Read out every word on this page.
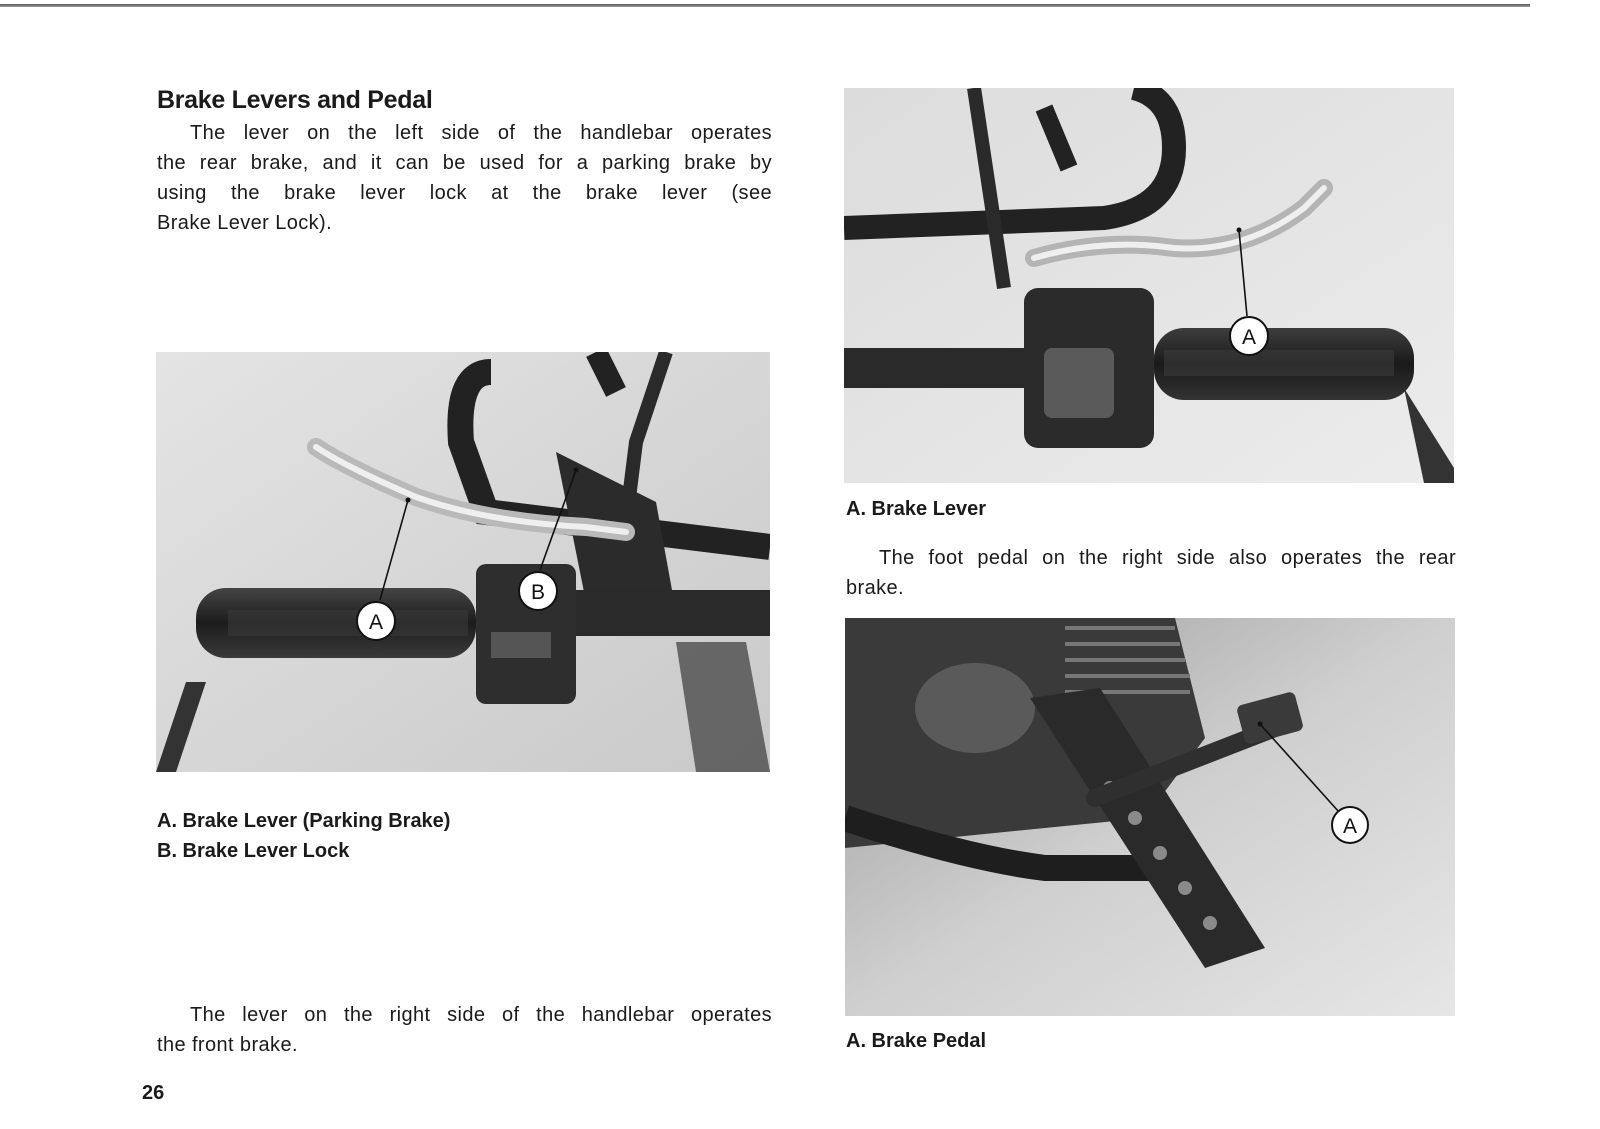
Brake Levers and Pedal

The lever on the left side of the handlebar operates
the rear brake, and it can be used for a parking brake by
using the brake lever lock at the brake lever (see
Brake Lever Lock).

A
B
A. Brake Lever (Parking Brake)
B. Brake Lever Lock

The lever on the right side of the handlebar operates
the front brake.

26
A
A. Brake Lever

The foot pedal on the right side also operates the rear
brake.

A
A. Brake Pedal
